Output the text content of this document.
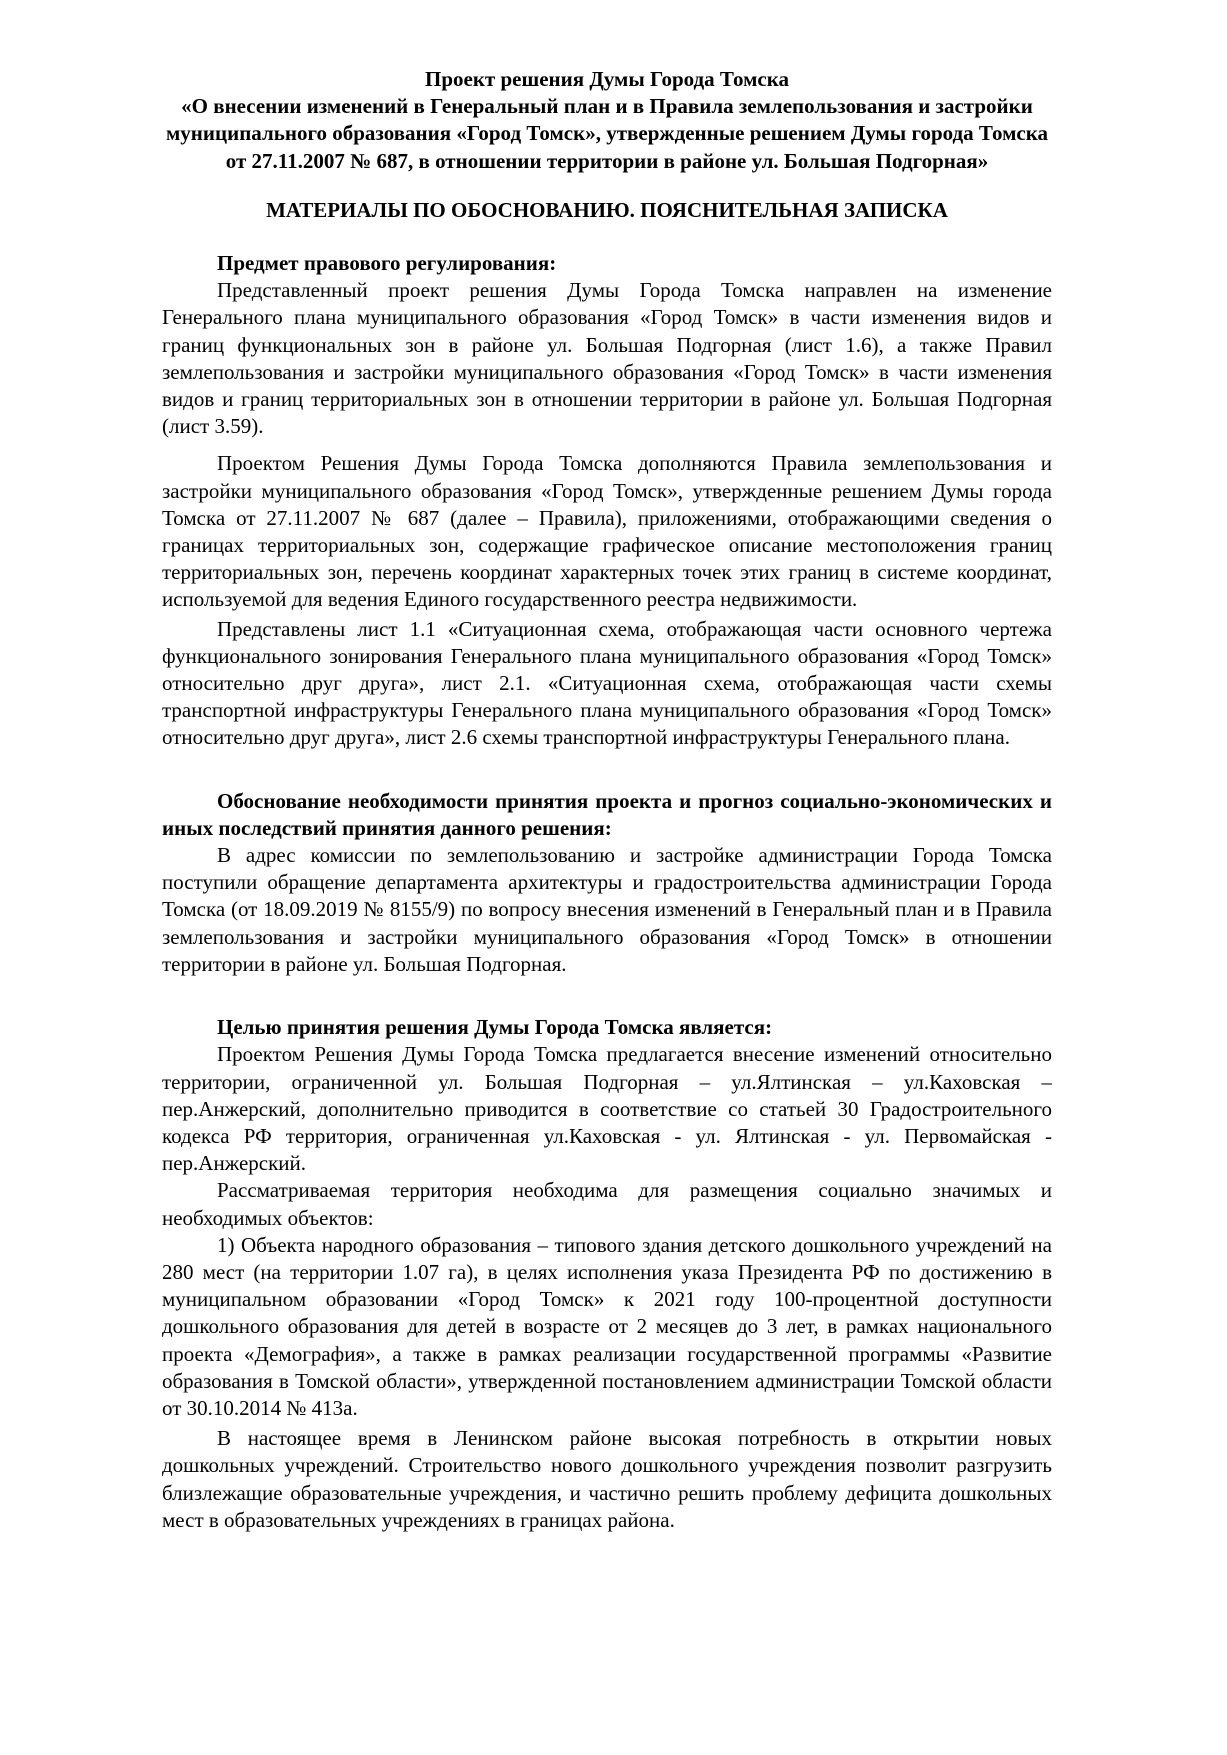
Проект решения Думы Города Томска
«О внесении изменений в Генеральный план и в Правила землепользования и застройки муниципального образования «Город Томск», утвержденные решением Думы города Томска от 27.11.2007 № 687, в отношении территории в районе ул. Большая Подгорная»
МАТЕРИАЛЫ ПО ОБОСНОВАНИЮ. ПОЯСНИТЕЛЬНАЯ ЗАПИСКА
Предмет правового регулирования:
Представленный проект решения Думы Города Томска направлен на изменение Генерального плана муниципального образования «Город Томск» в части изменения видов и границ функциональных зон в районе ул. Большая Подгорная (лист 1.6), а также Правил землепользования и застройки муниципального образования «Город Томск» в части изменения видов и границ территориальных зон в отношении территории в районе ул. Большая Подгорная (лист 3.59).
Проектом Решения Думы Города Томска дополняются Правила землепользования и застройки муниципального образования «Город Томск», утвержденные решением Думы города Томска от 27.11.2007 № 687 (далее – Правила), приложениями, отображающими сведения о границах территориальных зон, содержащие графическое описание местоположения границ территориальных зон, перечень координат характерных точек этих границ в системе координат, используемой для ведения Единого государственного реестра недвижимости.
Представлены лист 1.1 «Ситуационная схема, отображающая части основного чертежа функционального зонирования Генерального плана муниципального образования «Город Томск» относительно друг друга», лист 2.1. «Ситуационная схема, отображающая части схемы транспортной инфраструктуры Генерального плана муниципального образования «Город Томск» относительно друг друга», лист 2.6 схемы транспортной инфраструктуры Генерального плана.
Обоснование необходимости принятия проекта и прогноз социально-экономических и иных последствий принятия данного решения:
В адрес комиссии по землепользованию и застройке администрации Города Томска поступили обращение департамента архитектуры и градостроительства администрации Города Томска (от 18.09.2019 № 8155/9) по вопросу внесения изменений в Генеральный план и в Правила землепользования и застройки муниципального образования «Город Томск» в отношении территории в районе ул. Большая Подгорная.
Целью принятия решения Думы Города Томска является:
Проектом Решения Думы Города Томска предлагается внесение изменений относительно территории, ограниченной ул. Большая Подгорная – ул.Ялтинская – ул.Каховская – пер.Анжерский, дополнительно приводится в соответствие со статьей 30 Градостроительного кодекса РФ территория, ограниченная ул.Каховская - ул. Ялтинская - ул. Первомайская - пер.Анжерский.
Рассматриваемая территория необходима для размещения социально значимых и необходимых объектов:
1) Объекта народного образования – типового здания детского дошкольного учреждений на 280 мест (на территории 1.07 га), в целях исполнения указа Президента РФ по достижению в муниципальном образовании «Город Томск» к 2021 году 100-процентной доступности дошкольного образования для детей в возрасте от 2 месяцев до 3 лет, в рамках национального проекта «Демография», а также в рамках реализации государственной программы «Развитие образования в Томской области», утвержденной постановлением администрации Томской области от 30.10.2014 № 413а.
В настоящее время в Ленинском районе высокая потребность в открытии новых дошкольных учреждений. Строительство нового дошкольного учреждения позволит разгрузить близлежащие образовательные учреждения, и частично решить проблему дефицита дошкольных мест в образовательных учреждениях в границах района.
